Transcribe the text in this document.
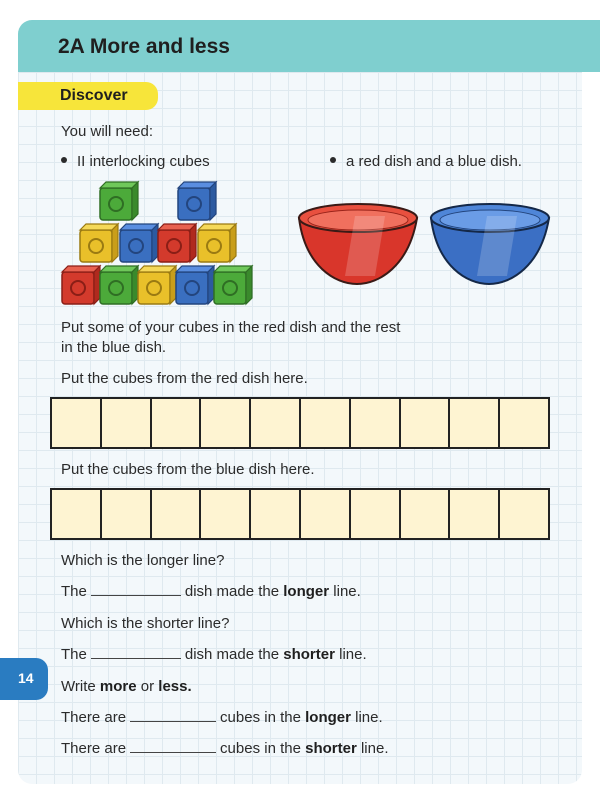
2A More and less
Discover
You will need:
II interlocking cubes	a red dish and a blue dish.
Put some of your cubes in the red dish and the rest
in the blue dish.
Put the cubes from the red dish here.
Put the cubes from the blue dish here.
Which is the longer line?
The	dish made the longer line.
Which is the shorter line?
The	dish made the shorter line.
14 Write more or less.
There are	cubes in the longer line.
There are	cubes in the shorter line.
